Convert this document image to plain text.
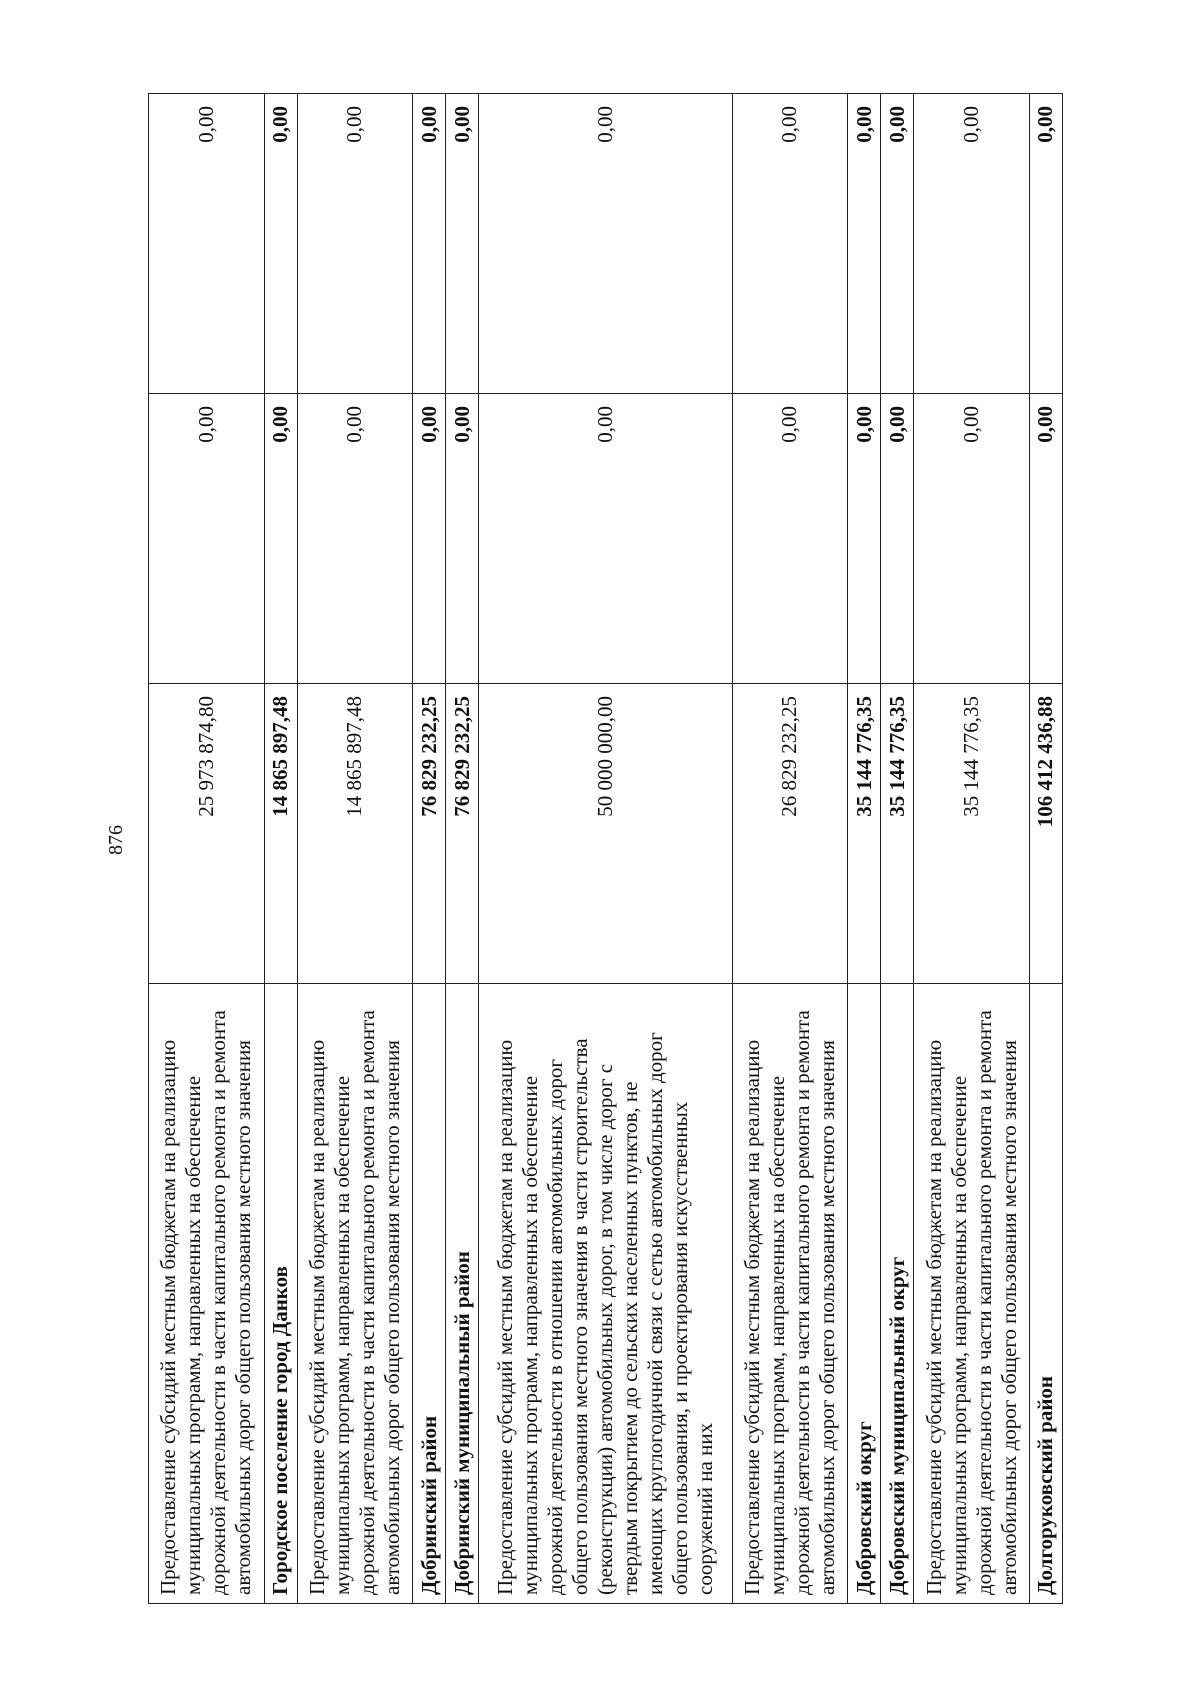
876
Предоставление субсидий местным бюджетам на реализацию муниципальных программ, направленных на обеспечение дорожной деятельности в части капитального ремонта и ремонта автомобильных дорог общего пользования местного значения	25 973 874,80	0,00	0,00
Городское поселение город Данков	14 865 897,48	0,00	0,00
Предоставление субсидий местным бюджетам на реализацию муниципальных программ, направленных на обеспечение дорожной деятельности в части капитального ремонта и ремонта автомобильных дорог общего пользования местного значения	14 865 897,48	0,00	0,00
Добринский район	76 829 232,25	0,00	0,00
Добринский муниципальный район	76 829 232,25	0,00	0,00
Предоставление субсидий местным бюджетам на реализацию муниципальных программ, направленных на обеспечение дорожной деятельности в отношении автомобильных дорог общего пользования местного значения в части строительства (реконструкции) автомобильных дорог, в том числе дорог с твердым покрытием до сельских населенных пунктов, не имеющих круглогодичной связи с сетью автомобильных дорог общего пользования, и проектирования искусственных сооружений на них	50 000 000,00	0,00	0,00
Предоставление субсидий местным бюджетам на реализацию муниципальных программ, направленных на обеспечение дорожной деятельности в части капитального ремонта и ремонта автомобильных дорог общего пользования местного значения	26 829 232,25	0,00	0,00
Добровский округ	35 144 776,35	0,00	0,00
Добровский муниципальный округ	35 144 776,35	0,00	0,00
Предоставление субсидий местным бюджетам на реализацию муниципальных программ, направленных на обеспечение дорожной деятельности в части капитального ремонта и ремонта автомобильных дорог общего пользования местного значения	35 144 776,35	0,00	0,00
Долгоруковский район	106 412 436,88	0,00	0,00
